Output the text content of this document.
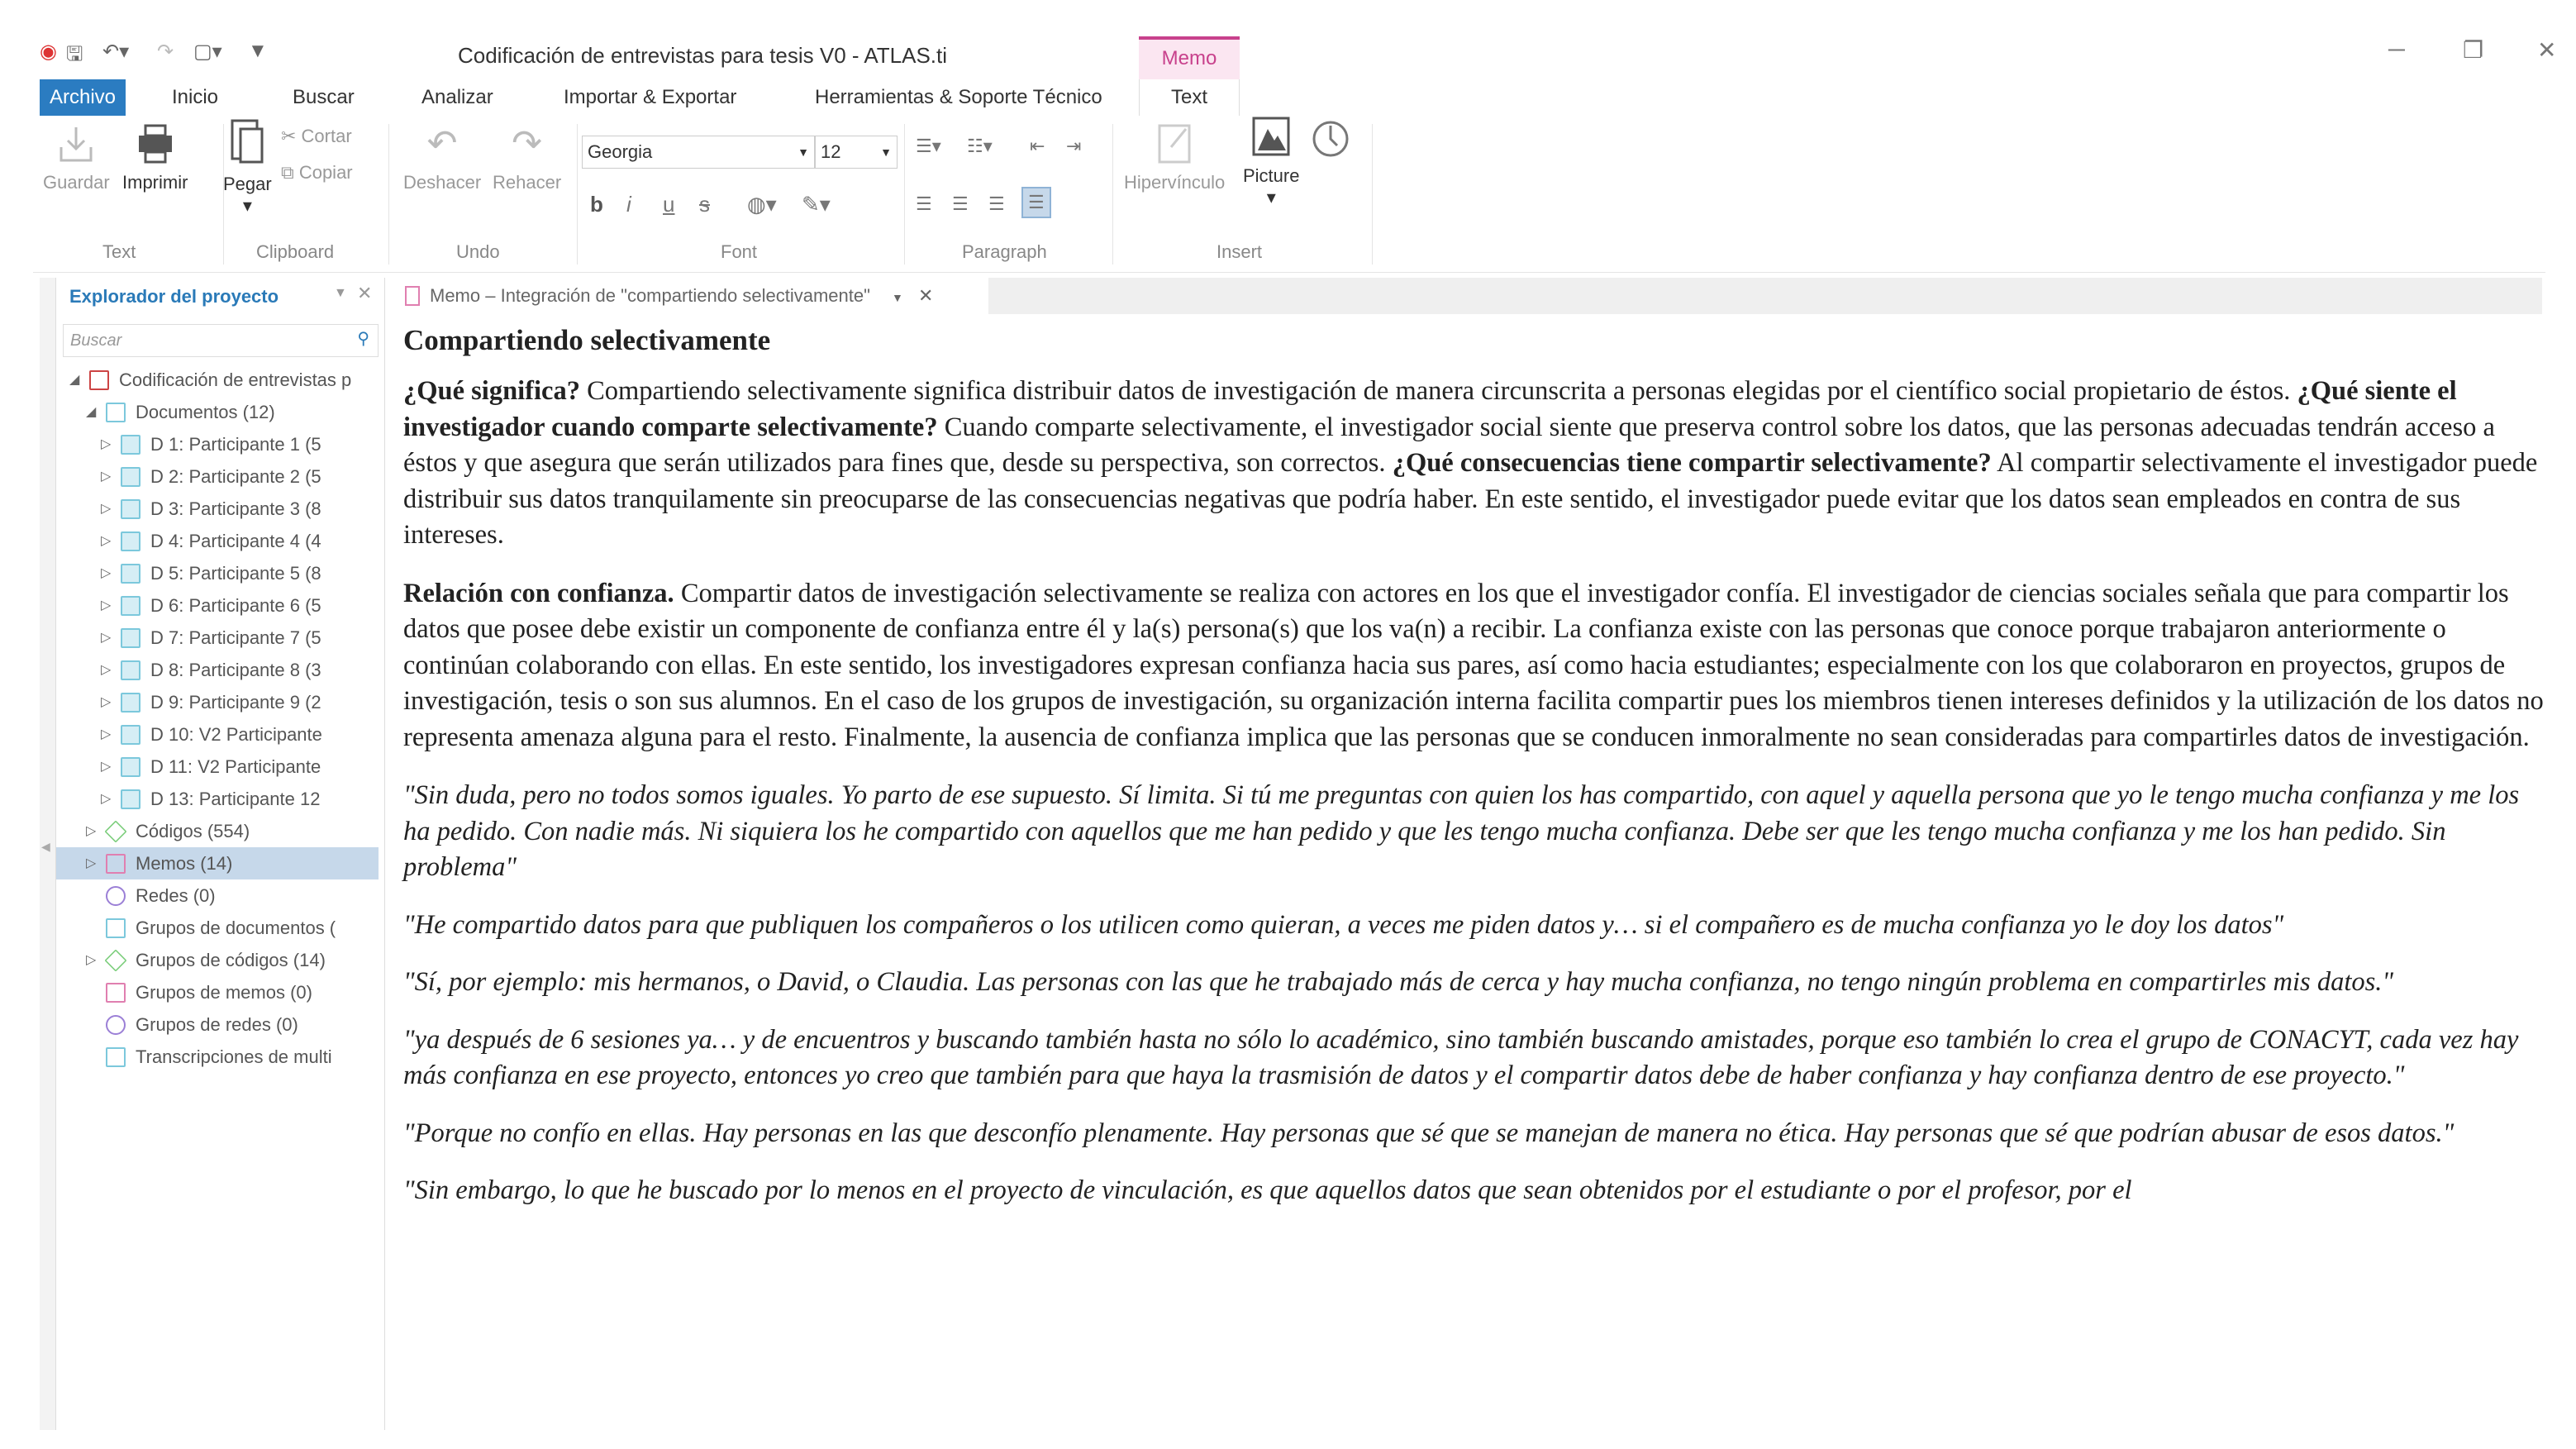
◉ 🖫 ↶▾ ↷ ▢▾ ▼	Codificación de entrevistas para tesis V0 - ATLAS.ti	Memo	─	❐ ✕
Archivo	Inicio	Buscar	Analizar	Importar & Exportar	Herramientas & Soporte Técnico	Text
Guardar Imprimir Pegar
▾
✂ Cortar
⧉ Copiar
↶
Deshacer
↷
Rehacer
Georgia	▼ 12	▼
b i u s ◍▾ ✎▾
☰▾ ☷▾ ⇤ ⇥
☰ ☰ ☰	☰
Hipervínculo Picture
▾
Text	Clipboard	Undo	Font	Paragraph	Insert
◀
Explorador del proyecto	▼ ✕
Buscar	⚲
◢ Codificación de entrevistas p
◢ Documentos (12)
▷ D 1: Participante 1 (5
▷ D 2: Participante 2 (5
▷ D 3: Participante 3 (8
▷ D 4: Participante 4 (4
▷ D 5: Participante 5 (8
▷ D 6: Participante 6 (5
▷ D 7: Participante 7 (5
▷ D 8: Participante 8 (3
▷ D 9: Participante 9 (2
▷ D 10: V2 Participante
▷ D 11: V2 Participante
▷ D 13: Participante 12
▷ Códigos (554)
▷ Memos (14)
Redes (0)
Grupos de documentos (
▷ Grupos de códigos (14)
Grupos de memos (0)
Grupos de redes (0)
Transcripciones de multi
Memo – Integración de "compartiendo selectivamente" ▼ ✕
Compartiendo selectivamente

¿Qué significa? Compartiendo selectivamente significa distribuir datos de investigación de manera circunscrita a personas elegidas por el científico social propietario de éstos. ¿Qué siente el investigador cuando comparte selectivamente? Cuando comparte selectivamente, el investigador social siente que preserva control sobre los datos, que las personas adecuadas tendrán acceso a éstos y que asegura que serán utilizados para fines que, desde su perspectiva, son correctos. ¿Qué consecuencias tiene compartir selectivamente? Al compartir selectivamente el investigador puede distribuir sus datos tranquilamente sin preocuparse de las consecuencias negativas que podría haber. En este sentido, el investigador puede evitar que los datos sean empleados en contra de sus intereses.

Relación con confianza. Compartir datos de investigación selectivamente se realiza con actores en los que el investigador confía. El investigador de ciencias sociales señala que para compartir los datos que posee debe existir un componente de confianza entre él y la(s) persona(s) que los va(n) a recibir. La confianza existe con las personas que conoce porque trabajaron anteriormente o continúan colaborando con ellas. En este sentido, los investigadores expresan confianza hacia sus pares, así como hacia estudiantes; especialmente con los que colaboraron en proyectos, grupos de investigación, tesis o son sus alumnos. En el caso de los grupos de investigación, su organización interna facilita compartir pues los miembros tienen intereses definidos y la utilización de los datos no representa amenaza alguna para el resto. Finalmente, la ausencia de confianza implica que las personas que se conducen inmoralmente no sean consideradas para compartirles datos de investigación.

"Sin duda, pero no todos somos iguales. Yo parto de ese supuesto. Sí limita. Si tú me preguntas con quien los has compartido, con aquel y aquella persona que yo le tengo mucha confianza y me los ha pedido. Con nadie más. Ni siquiera los he compartido con aquellos que me han pedido y que les tengo mucha confianza. Debe ser que les tengo mucha confianza y me los han pedido. Sin problema"

"He compartido datos para que publiquen los compañeros o los utilicen como quieran, a veces me piden datos y… si el compañero es de mucha confianza yo le doy los datos"

"Sí, por ejemplo: mis hermanos, o David, o Claudia. Las personas con las que he trabajado más de cerca y hay mucha confianza, no tengo ningún problema en compartirles mis datos."

"ya después de 6 sesiones ya… y de encuentros y buscando también hasta no sólo lo académico, sino también buscando amistades, porque eso también lo crea el grupo de CONACYT, cada vez hay más confianza en ese proyecto, entonces yo creo que también para que haya la trasmisión de datos y el compartir datos debe de haber confianza y hay confianza dentro de ese proyecto."

"Porque no confío en ellas. Hay personas en las que desconfío plenamente. Hay personas que sé que se manejan de manera no ética. Hay personas que sé que podrían abusar de esos datos."

"Sin embargo, lo que he buscado por lo menos en el proyecto de vinculación, es que aquellos datos que sean obtenidos por el estudiante o por el profesor, por el
